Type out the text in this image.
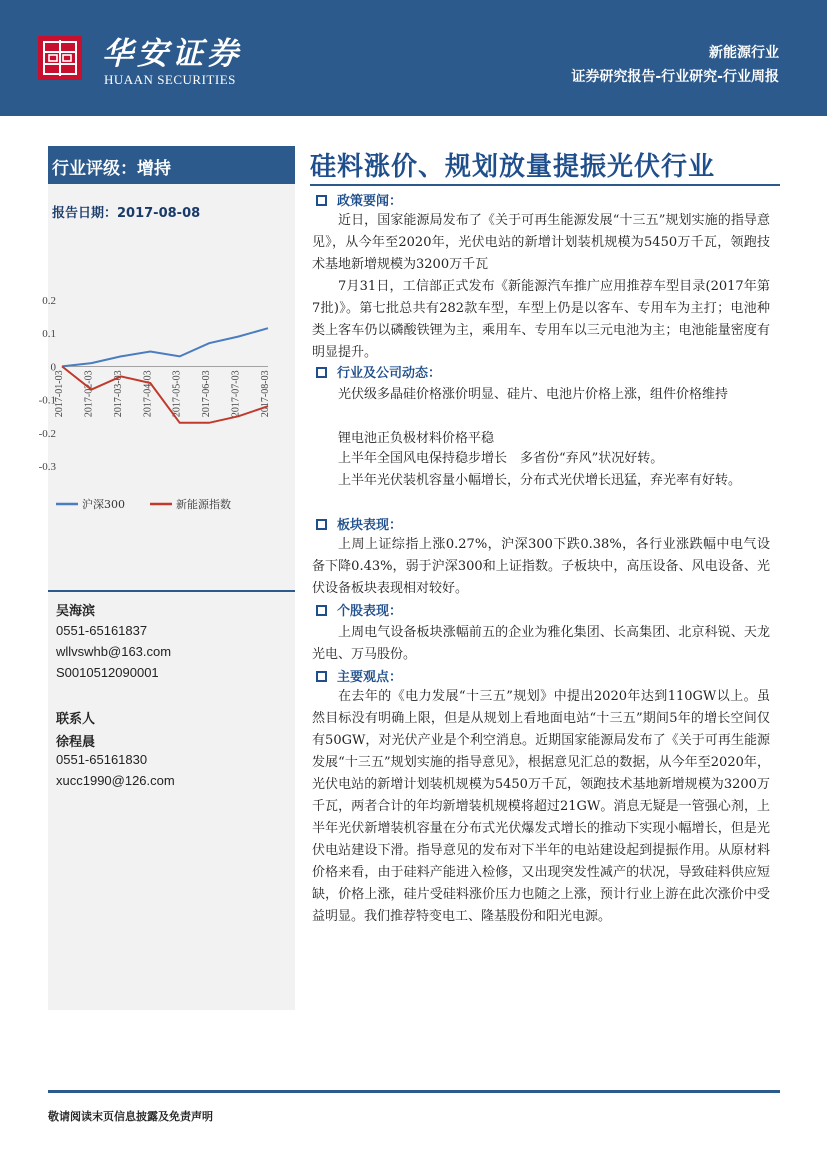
华安证券
HUAAN SECURITIES
新能源行业
证券研究报告-行业研究-行业周报
行业评级：增持
报告日期：2017-08-08
0.2
0.1
0
-0.1
-0.2
-0.3
2017-01-03 2017-02-03 2017-03-03 2017-04-03 2017-05-03 2017-06-03 2017-07-03 2017-08-03
沪深300	新能源指数
吴海滨
0551-65161837
wllvswhb@163.com
S0010512090001
联系人
徐程晨
0551-65161830
xucc1990@126.com
硅料涨价、规划放量提振光伏行业
政策要闻：
近日，国家能源局发布了《关于可再生能源发展“十三五”规划实施的指导意见》，从今年至2020年，光伏电站的新增计划装机规模为5450万千瓦，领跑技术基地新增规模为3200万千瓦
7月31日，工信部正式发布《新能源汽车推广应用推荐车型目录(2017年第7批)》。第七批总共有282款车型，车型上仍是以客车、专用车为主打；电池种类上客车仍以磷酸铁锂为主，乘用车、专用车以三元电池为主；电池能量密度有明显提升。
行业及公司动态：
光伏级多晶硅价格涨价明显、硅片、电池片价格上涨，组件价格维持
锂电池正负极材料价格平稳
上半年全国风电保持稳步增长　多省份“弃风”状况好转。
上半年光伏装机容量小幅增长，分布式光伏增长迅猛，弃光率有好转。
板块表现：
上周上证综指上涨0.27%，沪深300下跌0.38%，各行业涨跌幅中电气设备下降0.43%，弱于沪深300和上证指数。子板块中，高压设备、风电设备、光伏设备板块表现相对较好。
个股表现：
上周电气设备板块涨幅前五的企业为雅化集团、长高集团、北京科锐、天龙光电、万马股份。
主要观点：
在去年的《电力发展“十三五”规划》中提出2020年达到110GW以上。虽然目标没有明确上限，但是从规划上看地面电站“十三五”期间5年的增长空间仅有50GW，对光伏产业是个利空消息。近期国家能源局发布了《关于可再生能源发展“十三五”规划实施的指导意见》，根据意见汇总的数据，从今年至2020年，光伏电站的新增计划装机规模为5450万千瓦，领跑技术基地新增规模为3200万千瓦，两者合计的年均新增装机规模将超过21GW。消息无疑是一管强心剂，上半年光伏新增装机容量在分布式光伏爆发式增长的推动下实现小幅增长，但是光伏电站建设下滑。指导意见的发布对下半年的电站建设起到提振作用。从原材料价格来看，由于硅料产能进入检修，又出现突发性减产的状况，导致硅料供应短缺，价格上涨，硅片受硅料涨价压力也随之上涨，预计行业上游在此次涨价中受益明显。我们推荐特变电工、隆基股份和阳光电源。
敬请阅读末页信息披露及免责声明
